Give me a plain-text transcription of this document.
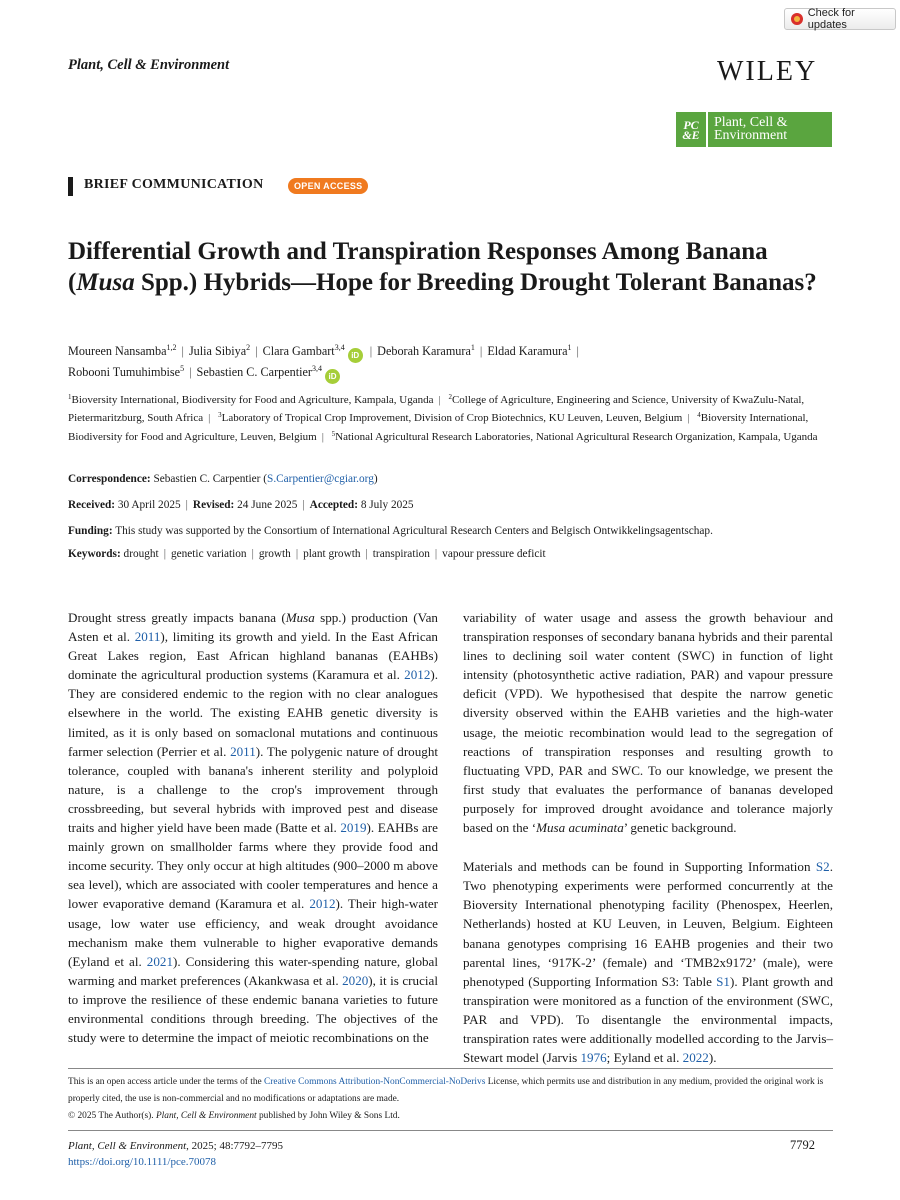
Check for updates
Plant, Cell & Environment	WILEY
PC
&E
Plant, Cell &
Environment
BRIEF COMMUNICATION	OPEN ACCESS
Differential Growth and Transpiration Responses Among Banana (Musa Spp.) Hybrids—Hope for Breeding Drought Tolerant Bananas?
Moureen Nansamba$^{1,2}$ | Julia Sibiya$^2$ | Clara Gambart$^{3,4}$iD | Deborah Karamura$^1$ | Eldad Karamura$^1$ |
Robooni Tumuhimbise$^5$ | Sebastien C. Carpentier$^{3,4}$iD
$^1$Bioversity International, Biodiversity for Food and Agriculture, Kampala, Uganda | $^2$College of Agriculture, Engineering and Science, University of KwaZulu-Natal, Pietermaritzburg, South Africa | $^3$Laboratory of Tropical Crop Improvement, Division of Crop Biotechnics, KU Leuven, Leuven, Belgium | $^4$Bioversity International, Biodiversity for Food and Agriculture, Leuven, Belgium | $^5$National Agricultural Research Laboratories, National Agricultural Research Organization, Kampala, Uganda
Correspondence: Sebastien C. Carpentier (S.Carpentier@cgiar.org)
Received: 30 April 2025 | Revised: 24 June 2025 | Accepted: 8 July 2025
Funding: This study was supported by the Consortium of International Agricultural Research Centers and Belgisch Ontwikkelingsagentschap.
Keywords: drought | genetic variation | growth | plant growth | transpiration | vapour pressure deficit

Drought stress greatly impacts banana (Musa spp.) production (Van Asten et al. 2011), limiting its growth and yield. In the East African Great Lakes region, East African highland bananas (EAHBs) dominate the agricultural production systems (Karamura et al. 2012). They are considered endemic to the region with no clear analogues elsewhere in the world. The existing EAHB genetic diversity is limited, as it is only based on somaclonal mutations and continuous farmer selection (Perrier et al. 2011). The polygenic nature of drought tolerance, coupled with banana's inherent sterility and polyploid nature, is a challenge to the crop's improvement through crossbreeding, but several hybrids with improved pest and disease traits and higher yield have been made (Batte et al. 2019). EAHBs are mainly grown on smallholder farms where they provide food and income security. They only occur at high altitudes (900–2000 m above sea level), which are associated with cooler temperatures and hence a lower evaporative demand (Karamura et al. 2012). Their high-water usage, low water use efficiency, and weak drought avoidance mechanism make them vulnerable to higher evaporative demands (Eyland et al. 2021). Considering this water-spending nature, global warming and market preferences (Akankwasa et al. 2020), it is crucial to improve the resilience of these endemic banana varieties to future environmental conditions through breeding. The objectives of the study were to determine the impact of meiotic recombinations on the

variability of water usage and assess the growth behaviour and transpiration responses of secondary banana hybrids and their parental lines to declining soil water content (SWC) in function of light intensity (photosynthetic active radiation, PAR) and vapour pressure deficit (VPD). We hypothesised that despite the narrow genetic diversity observed within the EAHB varieties and the high-water usage, the meiotic recombination would lead to the segregation of reactions of transpiration responses and resulting growth to fluctuating VPD, PAR and SWC. To our knowledge, we present the first study that evaluates the performance of bananas developed purposely for improved drought avoidance and tolerance majorly based on the ‘Musa acuminata’ genetic background.

Materials and methods can be found in Supporting Information S2. Two phenotyping experiments were performed concurrently at the Bioversity International phenotyping facility (Phenospex, Heerlen, Netherlands) hosted at KU Leuven, in Leuven, Belgium. Eighteen banana genotypes comprising 16 EAHB progenies and their two parental lines, ‘917K-2’ (female) and ‘TMB2x9172’ (male), were phenotyped (Supporting Information S3: Table S1). Plant growth and transpiration were monitored as a function of the environment (SWC, PAR and VPD). To disentangle the environmental impacts, transpiration rates were additionally modelled according to the Jarvis–Stewart model (Jarvis 1976; Eyland et al. 2022).

This is an open access article under the terms of the Creative Commons Attribution-NonCommercial-NoDerivs License, which permits use and distribution in any medium, provided the original work is properly cited, the use is non-commercial and no modifications or adaptations are made.
© 2025 The Author(s). Plant, Cell & Environment published by John Wiley & Sons Ltd.
Plant, Cell & Environment, 2025; 48:7792–7795
https://doi.org/10.1111/pce.70078
7792
